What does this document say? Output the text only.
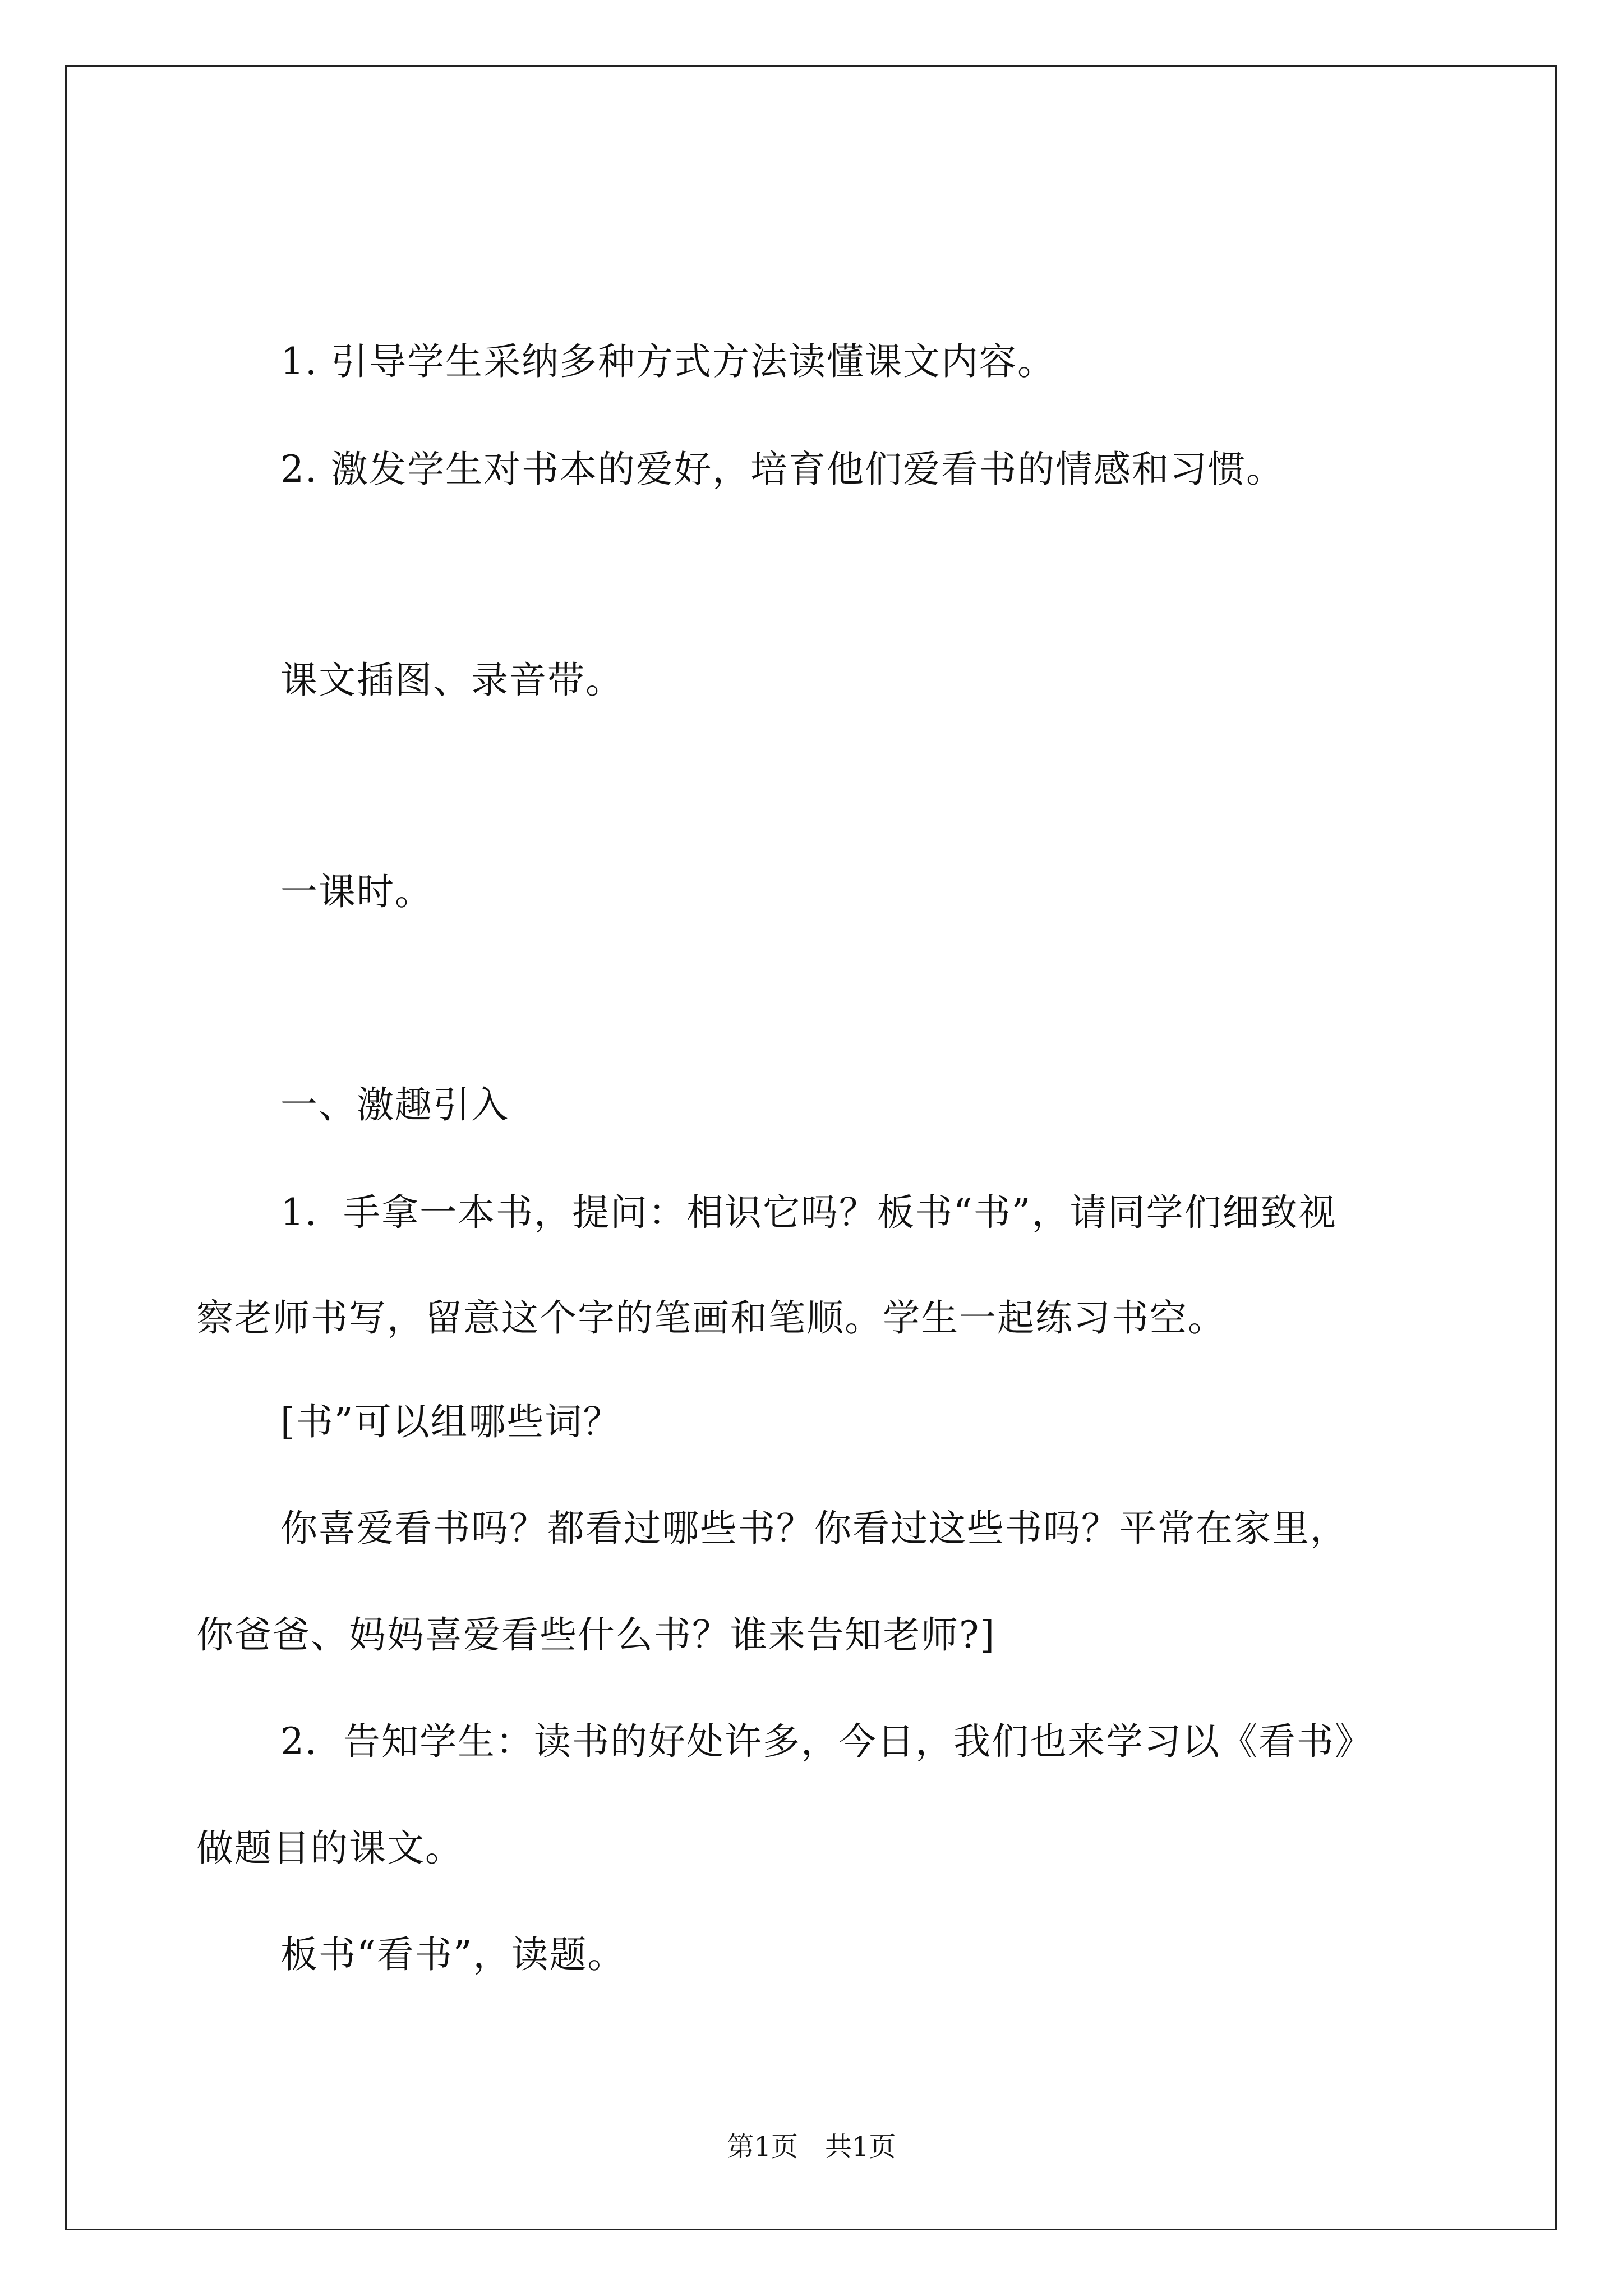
1. 引导学生采纳多种方式方法读懂课文内容。
2. 激发学生对书本的爱好，培育他们爱看书的情感和习惯。
课文插图、录音带。
一课时。
一、激趣引入
1．手拿一本书，提问：相识它吗？板书“书”，请同学们细致视
察老师书写，留意这个字的笔画和笔顺。学生一起练习书空。
[书”可以组哪些词？
你喜爱看书吗？都看过哪些书？你看过这些书吗？平常在家里，
你爸爸、妈妈喜爱看些什么书？谁来告知老师?]
2．告知学生：读书的好处许多，今日，我们也来学习以《看书》
做题目的课文。
板书“看书”，读题。
第1页　共1页
